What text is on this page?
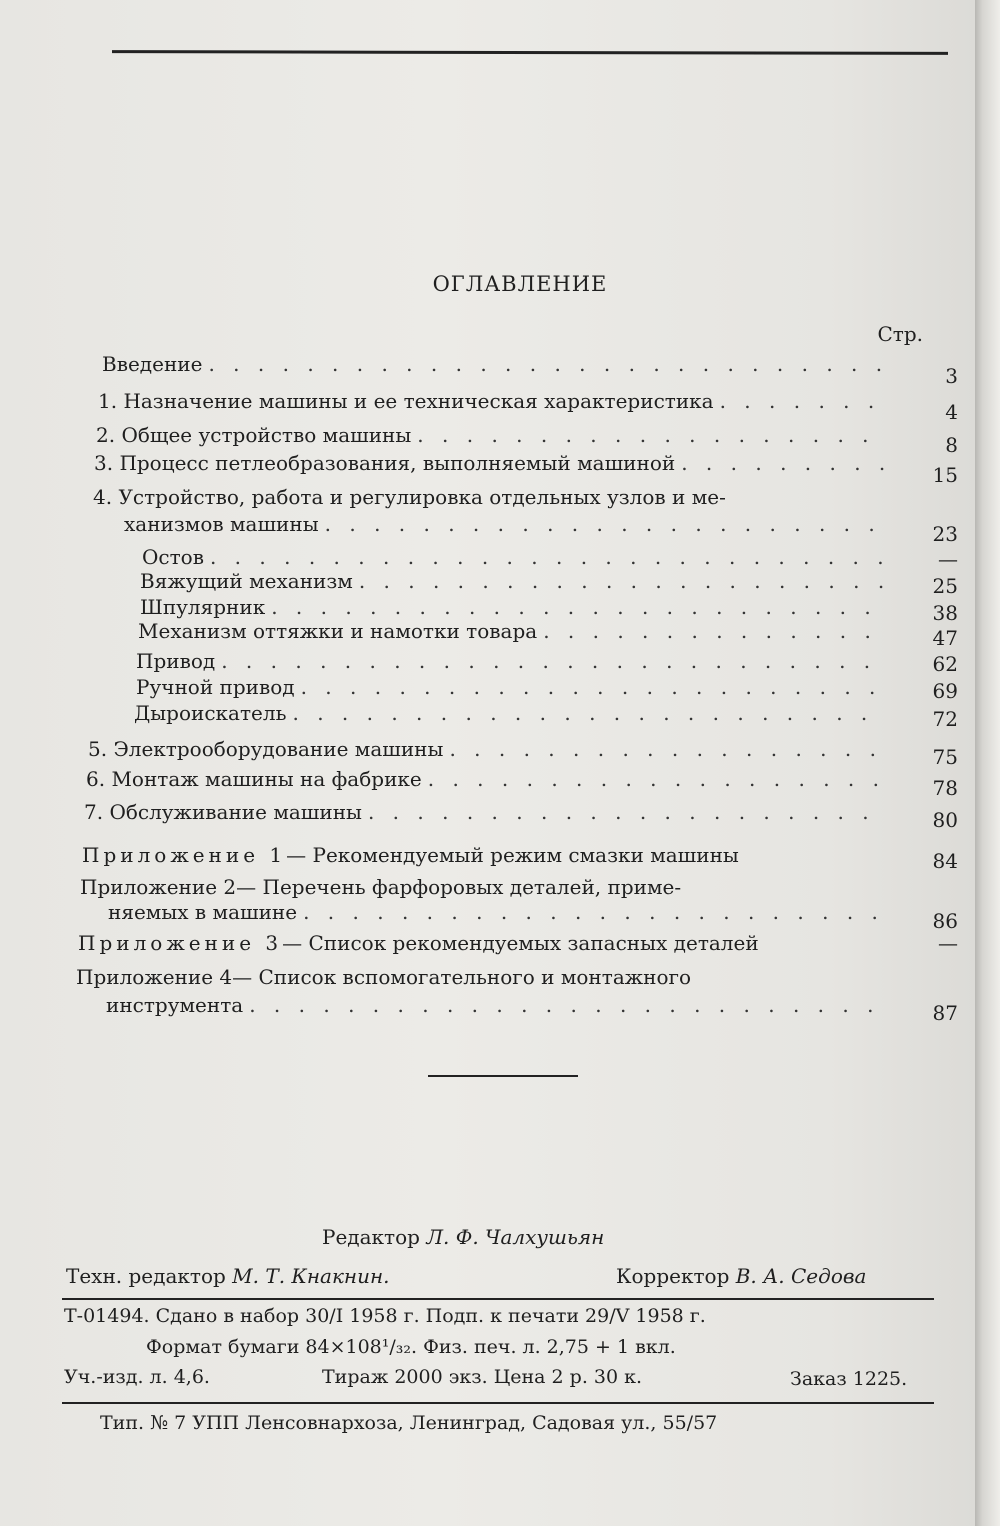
ОГЛАВЛЕНИЕ
Стр.
Введение . . .	3
1. Назначение машины и ее техническая характеристика . . .	4
2. Общее устройство машины . . .	8
3. Процесс петлеобразования, выполняемый машиной . . .	15
4. Устройство, работа и регулировка отдельных узлов и ме-
ханизмов машины . . .	23
Остов . . .	—
Вяжущий механизм . . .	25
Шпулярник . . .	38
Механизм оттяжки и намотки товара . . .	47
Привод . . .	62
Ручной привод . . .	69
Дыроискатель . . .	72
5. Электрооборудование машины . . .	75
6. Монтаж машины на фабрике . . .	78
7. Обслуживание машины . . .	80
Приложение 1 — Рекомендуемый режим смазки машины	84
Приложение 2— Перечень фарфоровых деталей, приме-
няемых в машине . . .	86
Приложение 3 — Список рекомендуемых запасных деталей	—
Приложение 4— Список вспомогательного и монтажного
инструмента . . .	87
Редактор Л. Ф. Чалхушьян
Техн. редактор М. Т. Кнакнин.	Корректор В. А. Седова
Т-01494. Сдано в набор 30/I 1958 г. Подп. к печати 29/V 1958 г.
Формат бумаги 84×108¹/₃₂. Физ. печ. л. 2,75 + 1 вкл.
Уч.-изд. л. 4,6.	Тираж 2000 экз. Цена 2 р. 30 к.	Заказ 1225.
Тип. № 7 УПП Ленсовнархоза, Ленинград, Садовая ул., 55/57
